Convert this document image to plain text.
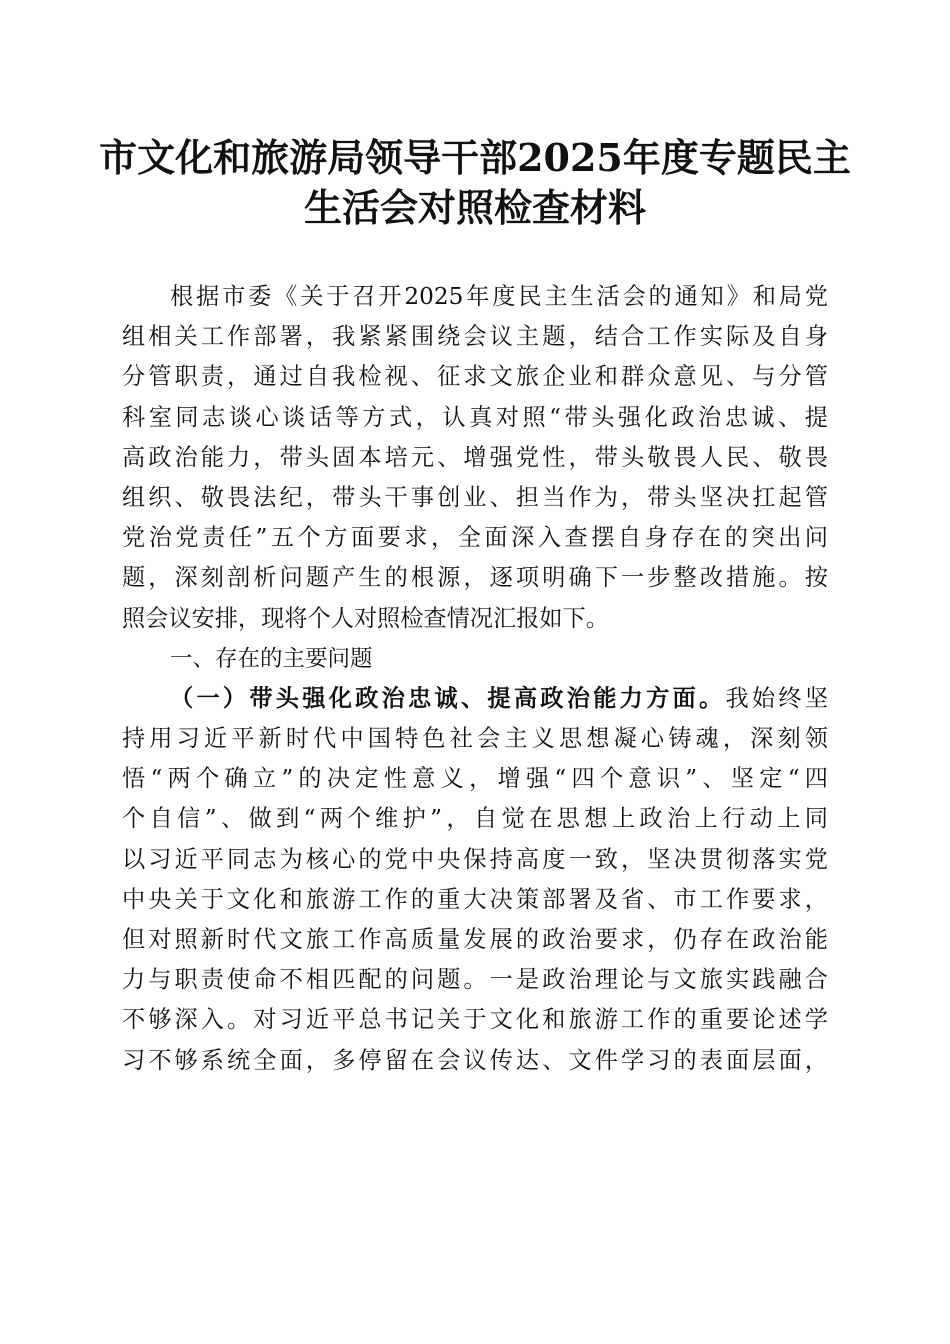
市文化和旅游局领导干部2025年度专题民主
生活会对照检查材料
根据市委《关于召开2025年度民主生活会的通知》和局党
组相关工作部署，我紧紧围绕会议主题，结合工作实际及自身
分管职责，通过自我检视、征求文旅企业和群众意见、与分管
科室同志谈心谈话等方式，认真对照“带头强化政治忠诚、提
高政治能力，带头固本培元、增强党性，带头敬畏人民、敬畏
组织、敬畏法纪，带头干事创业、担当作为，带头坚决扛起管
党治党责任”五个方面要求，全面深入查摆自身存在的突出问
题，深刻剖析问题产生的根源，逐项明确下一步整改措施。按
照会议安排，现将个人对照检查情况汇报如下。
一、存在的主要问题
（一）带头强化政治忠诚、提高政治能力方面。我始终坚
持用习近平新时代中国特色社会主义思想凝心铸魂，深刻领
悟“两个确立”的决定性意义，增强“四个意识”、坚定“四
个自信”、做到“两个维护”，自觉在思想上政治上行动上同
以习近平同志为核心的党中央保持高度一致，坚决贯彻落实党
中央关于文化和旅游工作的重大决策部署及省、市工作要求，
但对照新时代文旅工作高质量发展的政治要求，仍存在政治能
力与职责使命不相匹配的问题。一是政治理论与文旅实践融合
不够深入。对习近平总书记关于文化和旅游工作的重要论述学
习不够系统全面，多停留在会议传达、文件学习的表面层面，
